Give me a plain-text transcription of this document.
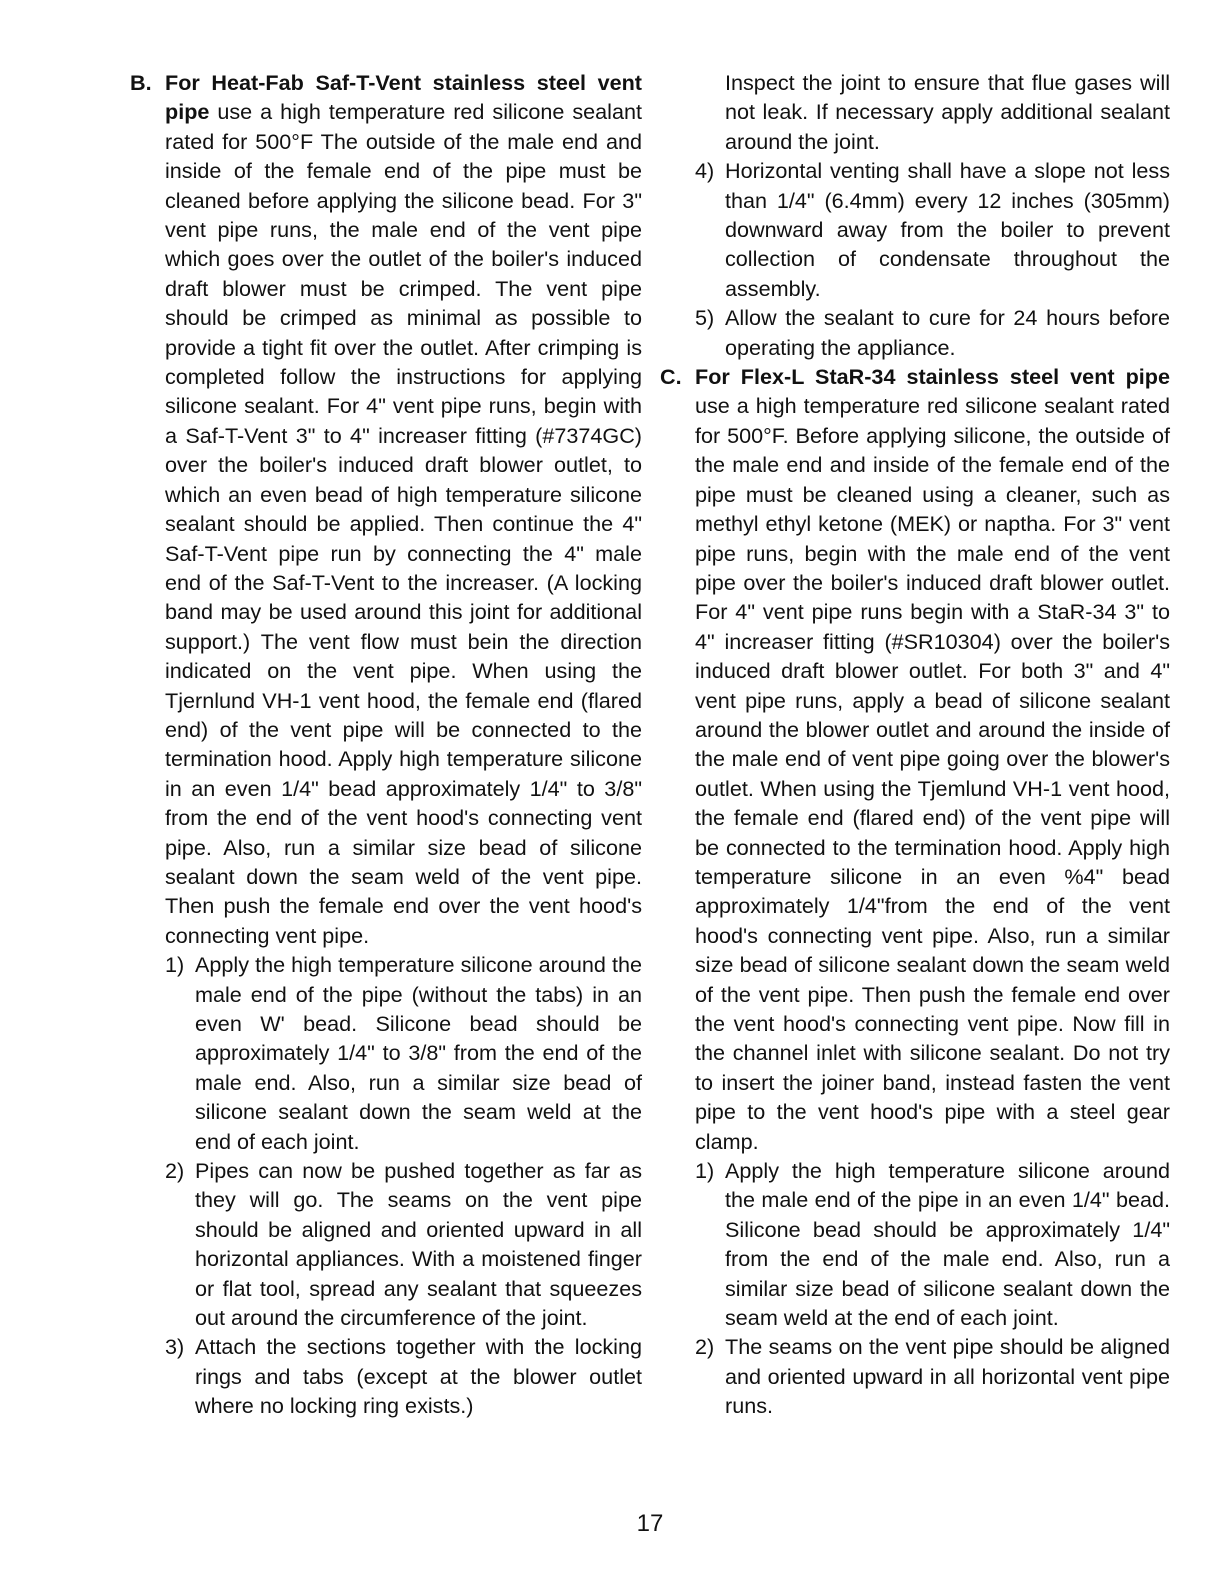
B. For Heat-Fab Saf-T-Vent stainless steel vent pipe use a high temperature red silicone sealant rated for 500°F The outside of the male end and inside of the female end of the pipe must be cleaned before applying the silicone bead. For 3" vent pipe runs, the male end of the vent pipe which goes over the outlet of the boiler's induced draft blower must be crimped. The vent pipe should be crimped as minimal as possible to provide a tight fit over the outlet. After crimping is completed follow the instructions for applying silicone sealant. For 4" vent pipe runs, begin with a Saf-T-Vent 3" to 4" increaser fitting (#7374GC) over the boiler's induced draft blower outlet, to which an even bead of high temperature silicone sealant should be applied. Then continue the 4" Saf-T-Vent pipe run by connecting the 4" male end of the Saf-T-Vent to the increaser. (A locking band may be used around this joint for additional support.) The vent flow must bein the direction indicated on the vent pipe. When using the Tjernlund VH-1 vent hood, the female end (flared end) of the vent pipe will be connected to the termination hood. Apply high temperature silicone in an even 1/4" bead approximately 1/4" to 3/8" from the end of the vent hood's connecting vent pipe. Also, run a similar size bead of silicone sealant down the seam weld of the vent pipe. Then push the female end over the vent hood's connecting vent pipe.

1) Apply the high temperature silicone around the male end of the pipe (without the tabs) in an even W' bead. Silicone bead should be approximately 1/4" to 3/8" from the end of the male end. Also, run a similar size bead of silicone sealant down the seam weld at the end of each joint.

2) Pipes can now be pushed together as far as they will go. The seams on the vent pipe should be aligned and oriented upward in all horizontal appliances. With a moistened finger or flat tool, spread any sealant that squeezes out around the circumference of the joint.

3) Attach the sections together with the locking rings and tabs (except at the blower outlet where no locking ring exists.)

Inspect the joint to ensure that flue gases will not leak. If necessary apply additional sealant around the joint.

4) Horizontal venting shall have a slope not less than 1/4" (6.4mm) every 12 inches (305mm) downward away from the boiler to prevent collection of condensate throughout the assembly.

5) Allow the sealant to cure for 24 hours before operating the appliance.

C. For Flex-L StaR-34 stainless steel vent pipe use a high temperature red silicone sealant rated for 500°F. Before applying silicone, the outside of the male end and inside of the female end of the pipe must be cleaned using a cleaner, such as methyl ethyl ketone (MEK) or naptha. For 3" vent pipe runs, begin with the male end of the vent pipe over the boiler's induced draft blower outlet. For 4" vent pipe runs begin with a StaR-34 3" to 4" increaser fitting (#SR10304) over the boiler's induced draft blower outlet. For both 3" and 4" vent pipe runs, apply a bead of silicone sealant around the blower outlet and around the inside of the male end of vent pipe going over the blower's outlet. When using the Tjemlund VH-1 vent hood, the female end (flared end) of the vent pipe will be connected to the termination hood. Apply high temperature silicone in an even %4" bead approximately 1/4"from the end of the vent hood's connecting vent pipe. Also, run a similar size bead of silicone sealant down the seam weld of the vent pipe. Then push the female end over the vent hood's connecting vent pipe. Now fill in the channel inlet with silicone sealant. Do not try to insert the joiner band, instead fasten the vent pipe to the vent hood's pipe with a steel gear clamp.

1) Apply the high temperature silicone around the male end of the pipe in an even 1/4" bead. Silicone bead should be approximately 1/4" from the end of the male end. Also, run a similar size bead of silicone sealant down the seam weld at the end of each joint.

2) The seams on the vent pipe should be aligned and oriented upward in all horizontal vent pipe runs.

17
